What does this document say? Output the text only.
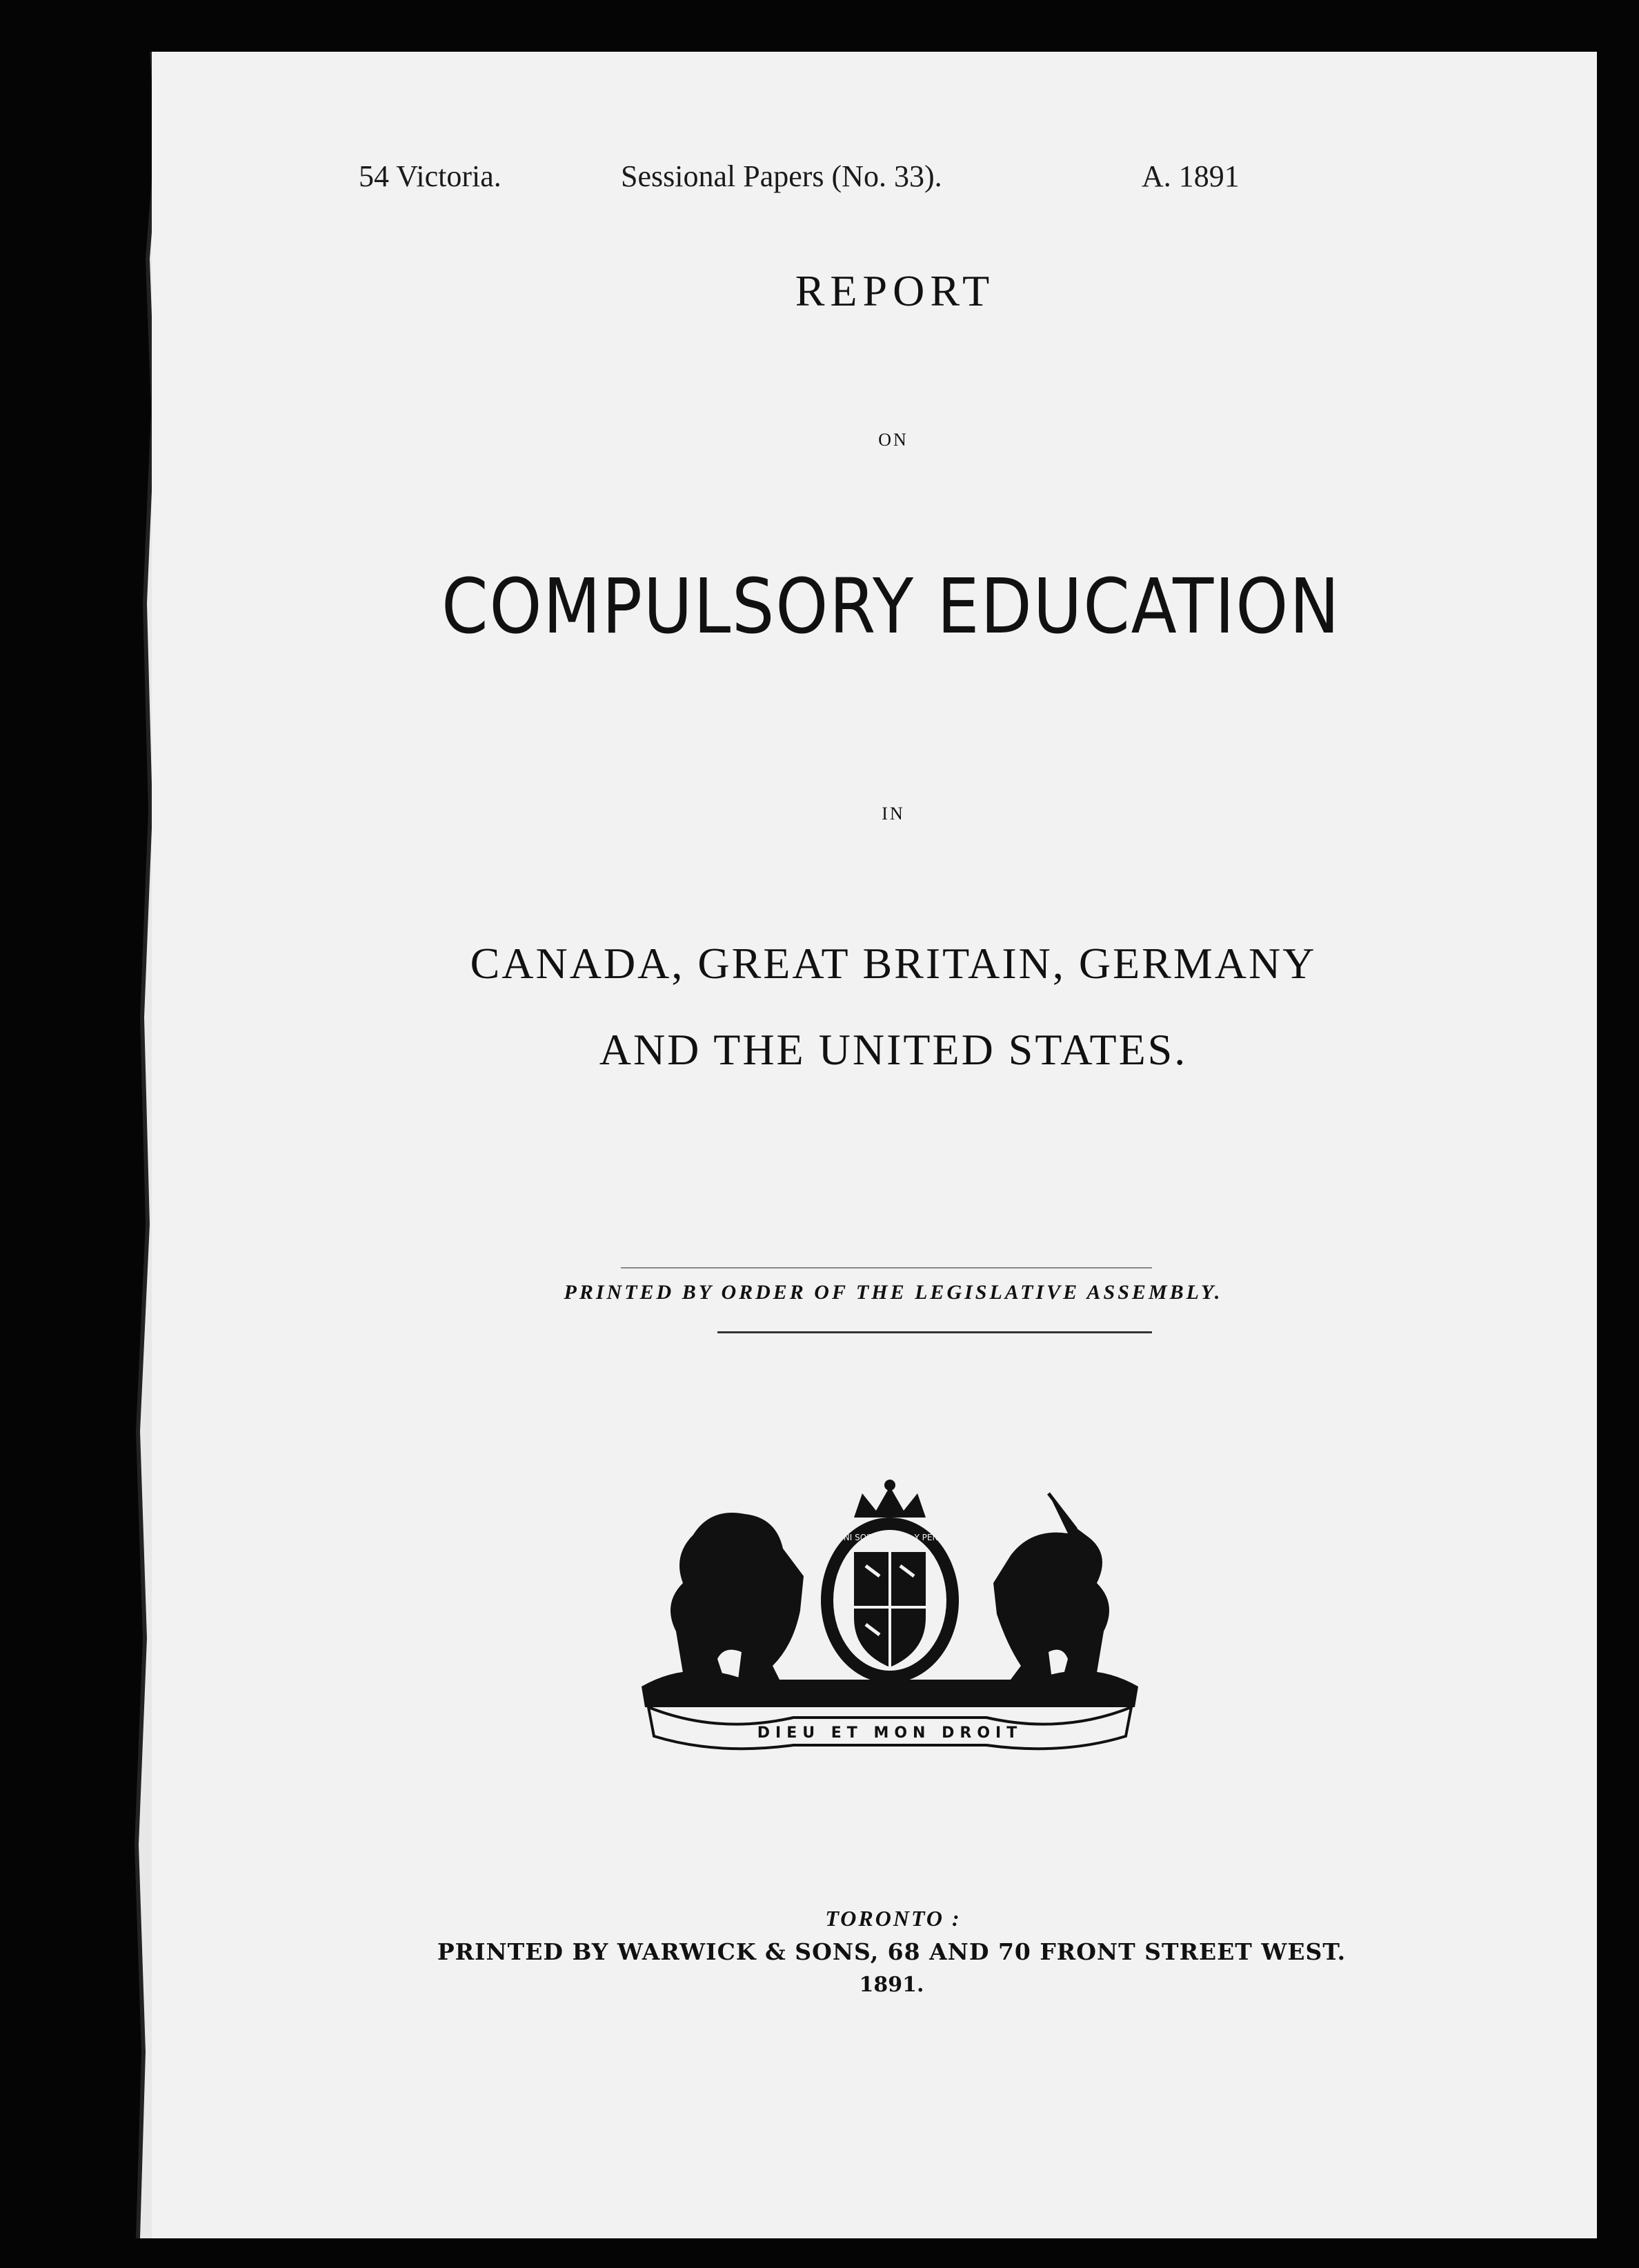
54 Victoria.	Sessional Papers (No. 33).	A. 1891
REPORT
ON
COMPULSORY EDUCATION
IN
CANADA, GREAT BRITAIN, GERMANY
AND THE UNITED STATES.
PRINTED BY ORDER OF THE LEGISLATIVE ASSEMBLY.
HONI SOIT QUI MAL Y PENSE
DIEU ET MON DROIT
TORONTO :
PRINTED BY WARWICK & SONS, 68 AND 70 FRONT STREET WEST.
1891.
